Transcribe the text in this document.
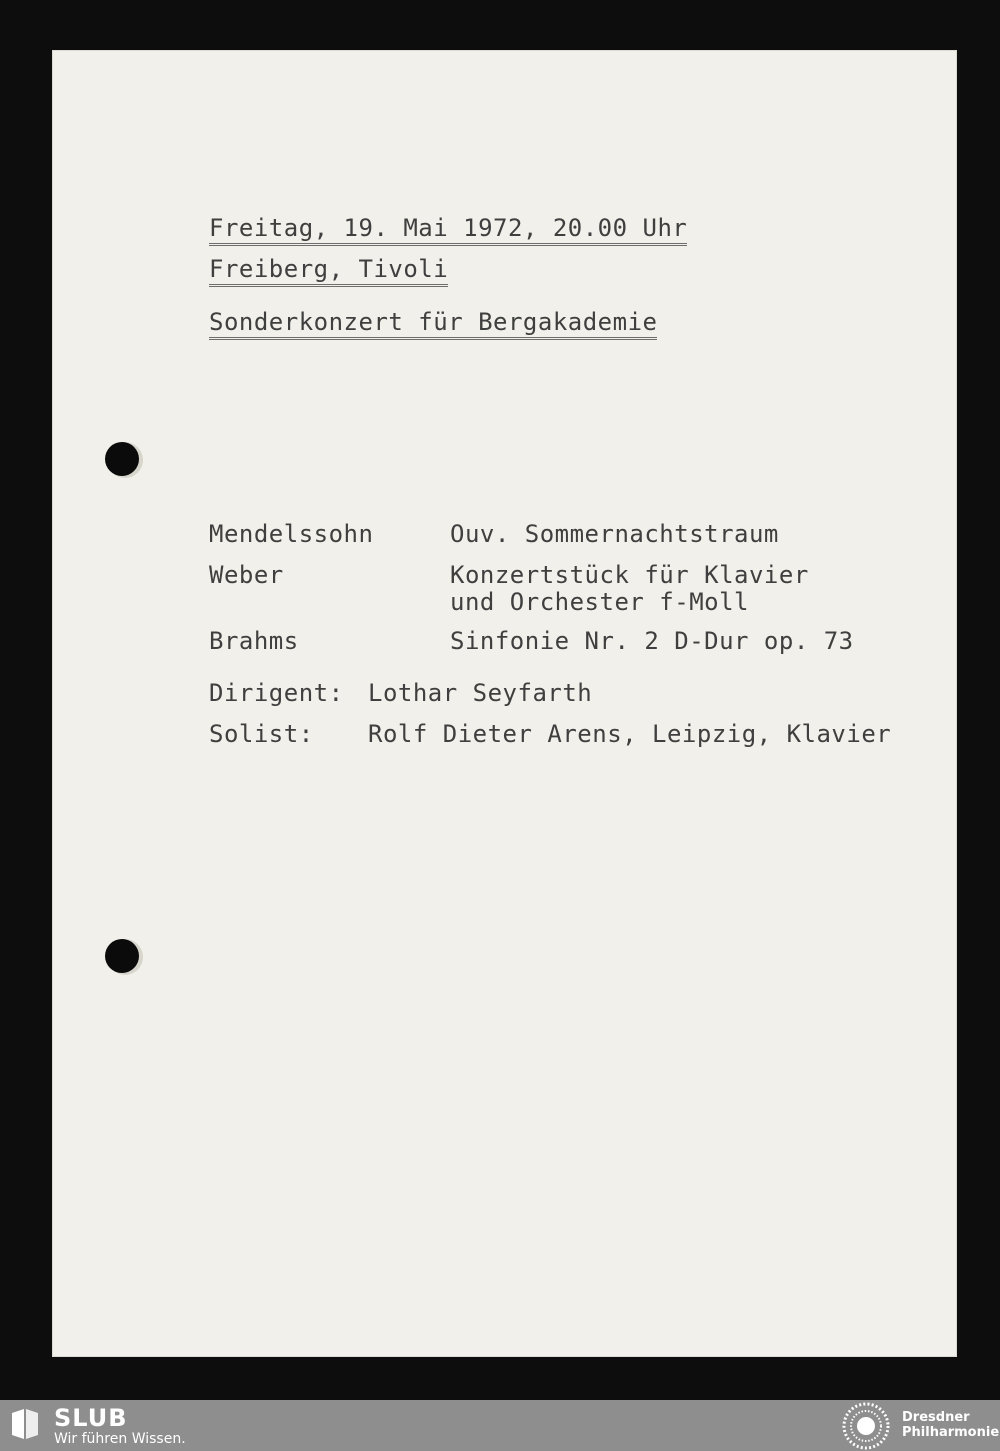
Freitag, 19. Mai 1972, 20.00 Uhr
Freiberg, Tivoli
Sonderkonzert für Bergakademie
Mendelssohn	Ouv. Sommernachtstraum
Weber	Konzertstück für Klavier
und Orchester f-Moll
Brahms	Sinfonie Nr. 2 D-Dur op. 73
Dirigent: Lothar Seyfarth
Solist: Rolf Dieter Arens, Leipzig, Klavier
SLUB
Wir führen Wissen.
Dresdner
Philharmonie
